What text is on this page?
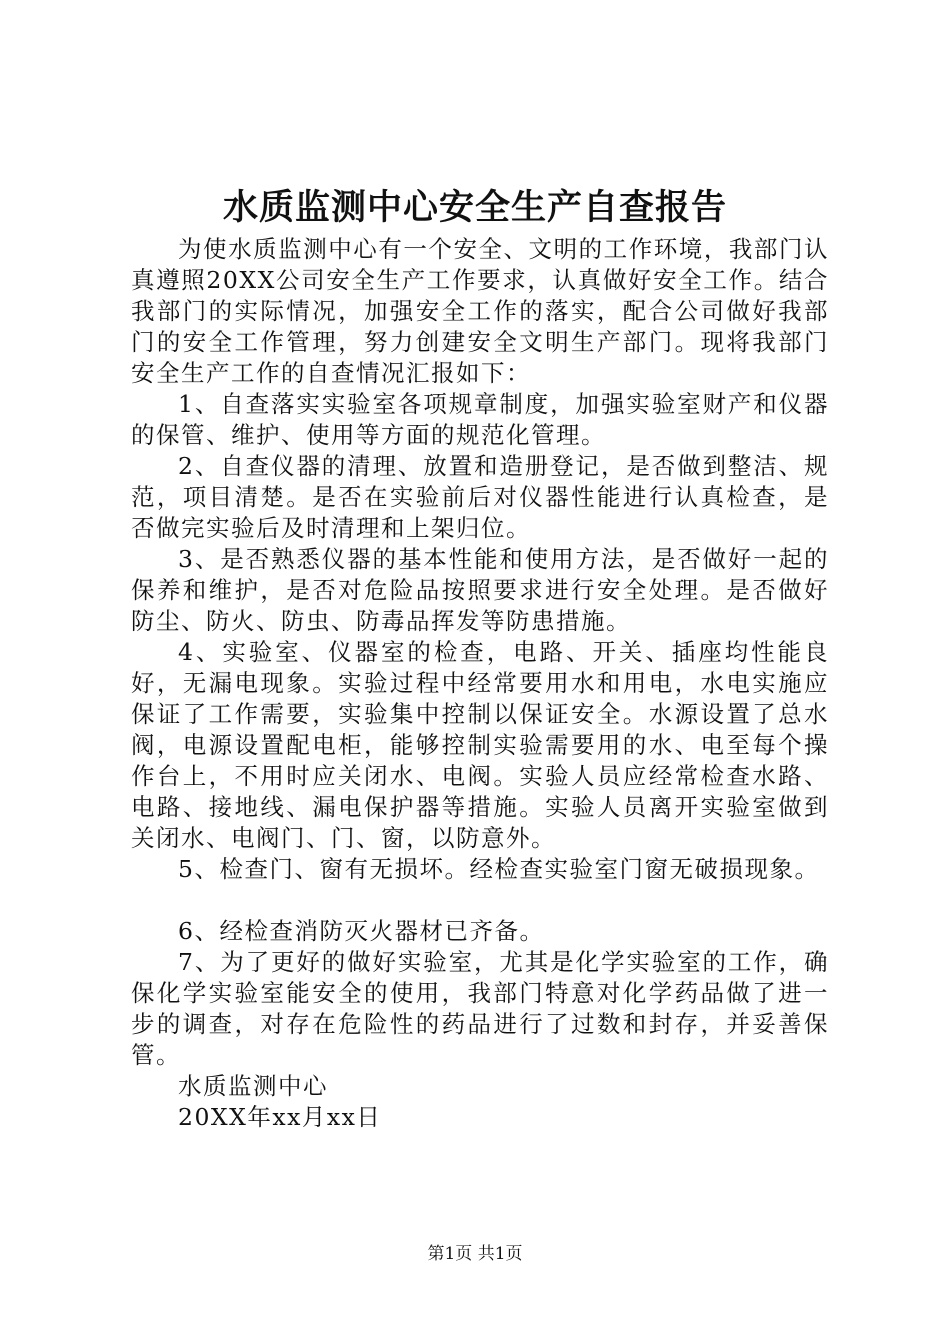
水质监测中心安全生产自查报告

为使水质监测中心有一个安全、文明的工作环境，我部门认真遵照20XX公司安全生产工作要求，认真做好安全工作。结合我部门的实际情况，加强安全工作的落实，配合公司做好我部门的安全工作管理，努力创建安全文明生产部门。现将我部门安全生产工作的自查情况汇报如下：

1、自查落实实验室各项规章制度，加强实验室财产和仪器的保管、维护、使用等方面的规范化管理。

2、自查仪器的清理、放置和造册登记，是否做到整洁、规范，项目清楚。是否在实验前后对仪器性能进行认真检查，是否做完实验后及时清理和上架归位。

3、是否熟悉仪器的基本性能和使用方法，是否做好一起的保养和维护，是否对危险品按照要求进行安全处理。是否做好防尘、防火、防虫、防毒品挥发等防患措施。

4、实验室、仪器室的检查，电路、开关、插座均性能良好，无漏电现象。实验过程中经常要用水和用电，水电实施应保证了工作需要，实验集中控制以保证安全。水源设置了总水阀，电源设置配电柜，能够控制实验需要用的水、电至每个操作台上，不用时应关闭水、电阀。实验人员应经常检查水路、电路、接地线、漏电保护器等措施。实验人员离开实验室做到关闭水、电阀门、门、窗，以防意外。

5、检查门、窗有无损坏。经检查实验室门窗无破损现象。

6、经检查消防灭火器材已齐备。

7、为了更好的做好实验室，尤其是化学实验室的工作，确保化学实验室能安全的使用，我部门特意对化学药品做了进一步的调查，对存在危险性的药品进行了过数和封存，并妥善保管。

水质监测中心

20XX年xx月xx日

第1页 共1页
